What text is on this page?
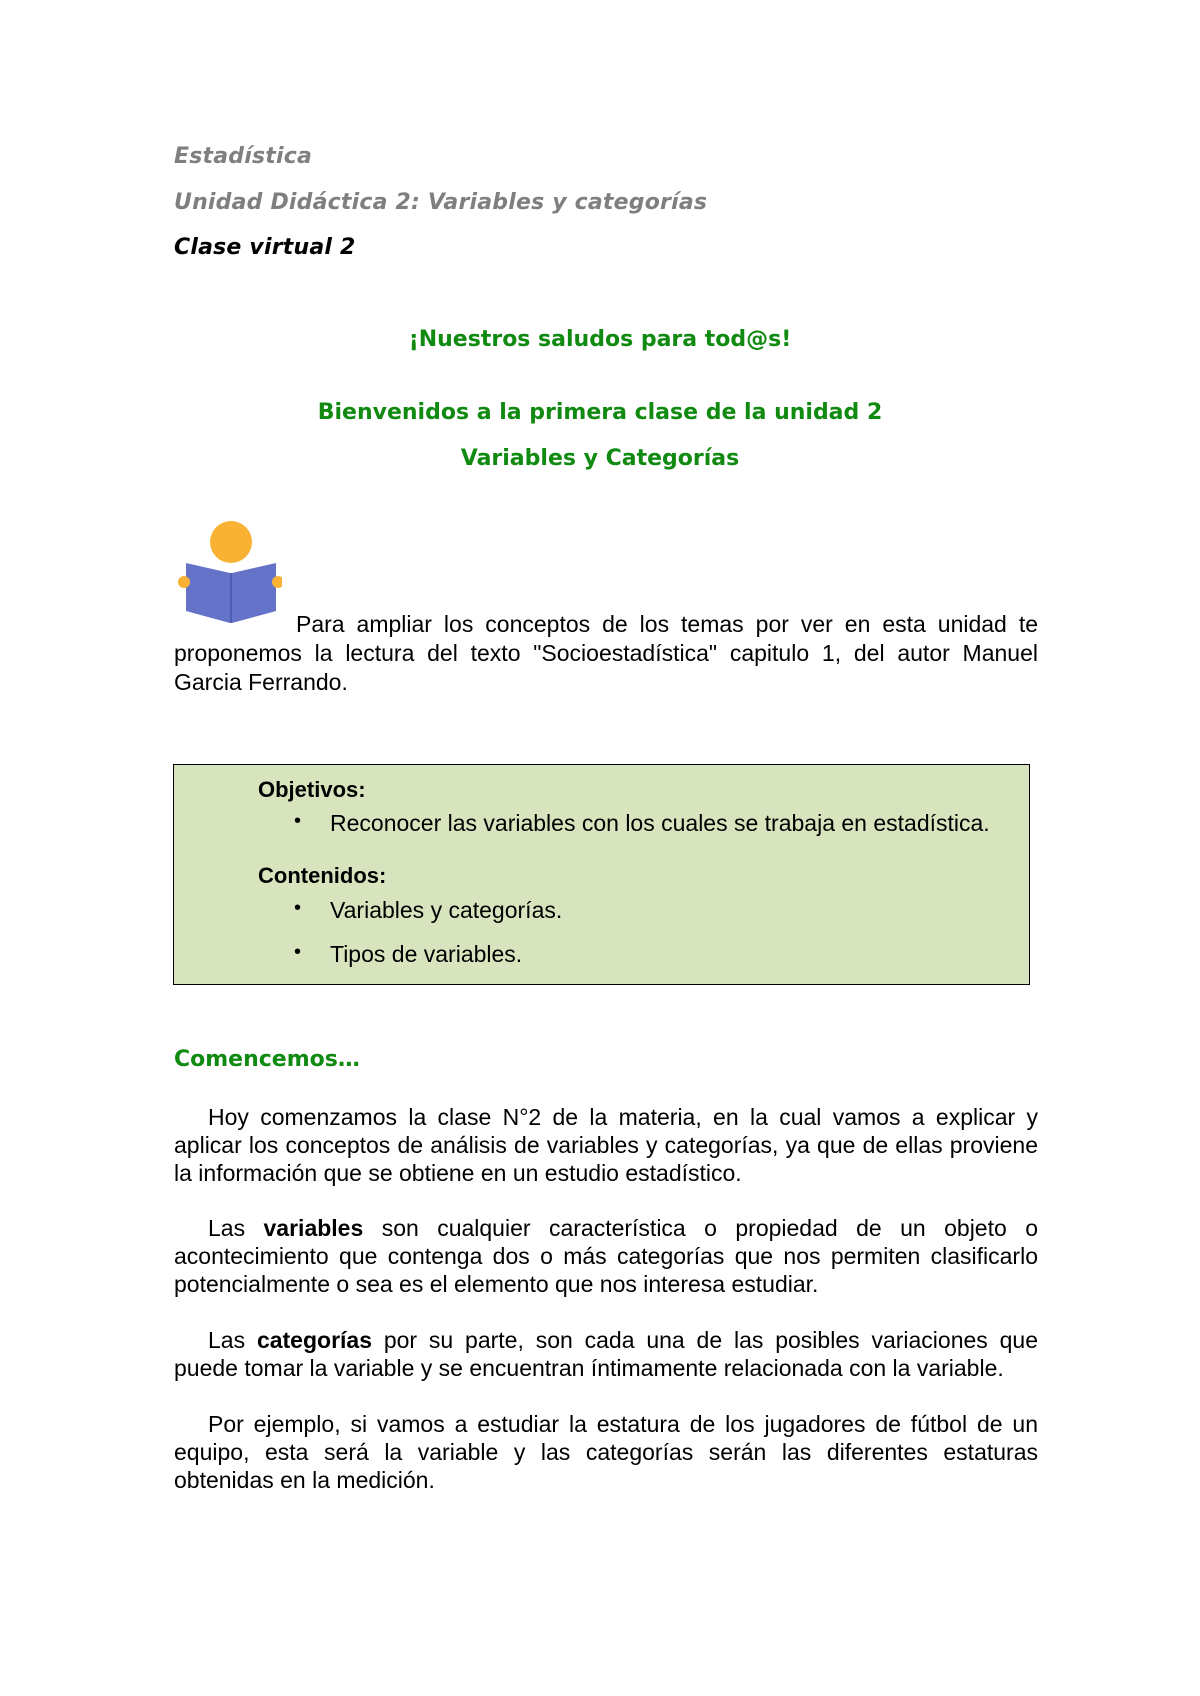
Estadística
Unidad Didáctica 2: Variables y categorías
Clase virtual 2
¡Nuestros saludos para tod@s!
Bienvenidos a la primera clase de la unidad 2
Variables y Categorías
Para ampliar los conceptos de los temas por ver en esta unidad te proponemos la lectura del texto "Socioestadística" capitulo 1, del autor Manuel Garcia Ferrando.
Objetivos:
• Reconocer las variables con los cuales se trabaja en estadística.
Contenidos:
• Variables y categorías.
• Tipos de variables.
Comencemos…
Hoy comenzamos la clase N°2 de la materia, en la cual vamos a explicar y aplicar los conceptos de análisis de variables y categorías, ya que de ellas proviene la información que se obtiene en un estudio estadístico.
Las variables son cualquier característica o propiedad de un objeto o acontecimiento que contenga dos o más categorías que nos permiten clasificarlo potencialmente o sea es el elemento que nos interesa estudiar.
Las categorías por su parte, son cada una de las posibles variaciones que puede tomar la variable y se encuentran íntimamente relacionada con la variable.
Por ejemplo, si vamos a estudiar la estatura de los jugadores de fútbol de un equipo, esta será la variable y las categorías serán las diferentes estaturas obtenidas en la medición.
